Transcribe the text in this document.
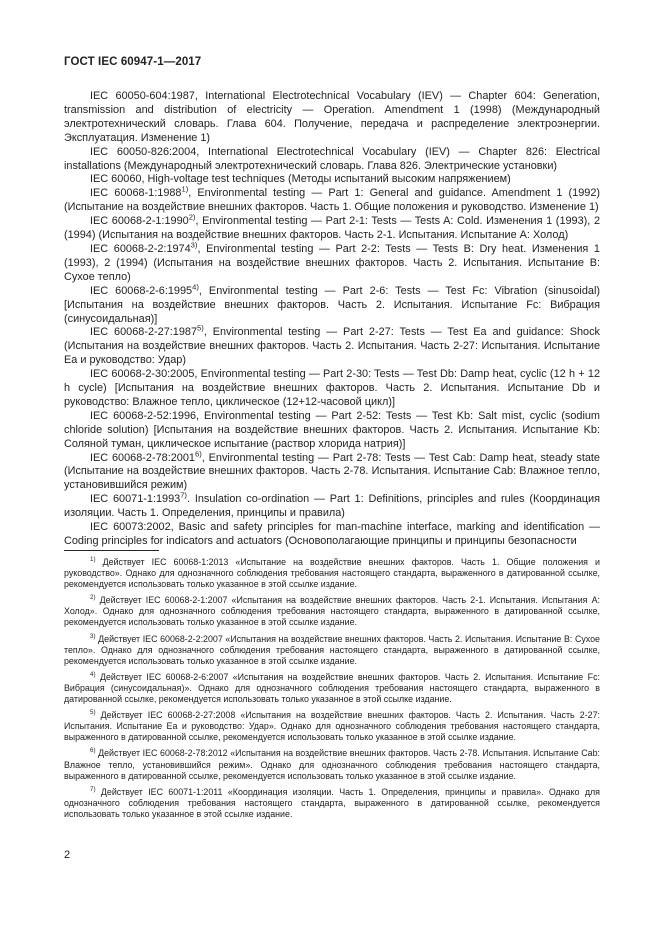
ГОСТ IEC 60947-1—2017

IEC 60050-604:1987, International Electrotechnical Vocabulary (IEV) — Chapter 604: Generation, transmission and distribution of electricity — Operation. Amendment 1 (1998) (Международный электротехнический словарь. Глава 604. Получение, передача и распределение электроэнергии. Эксплуатация. Изменение 1)

IEC 60050-826:2004, International Electrotechnical Vocabulary (IEV) — Chapter 826: Electrical installations (Международный электротехнический словарь. Глава 826. Электрические установки)

IEC 60060, High-voltage test techniques (Методы испытаний высоким напряжением)

IEC 60068-1:1988$^{1)}$, Environmental testing — Part 1: General and guidance. Amendment 1 (1992) (Испытание на воздействие внешних факторов. Часть 1. Общие положения и руководство. Изменение 1)

IEC 60068-2-1:1990$^{2)}$, Environmental testing — Part 2-1: Tests — Tests A: Cold. Изменения 1 (1993), 2 (1994) (Испытания на воздействие внешних факторов. Часть 2-1. Испытания. Испытание А: Холод)

IEC 60068-2-2:1974$^{3)}$, Environmental testing — Part 2-2: Tests — Tests B: Dry heat. Изменения 1 (1993), 2 (1994) (Испытания на воздействие внешних факторов. Часть 2. Испытания. Испытание В: Сухое тепло)

IEC 60068-2-6:1995$^{4)}$, Environmental testing — Part 2-6: Tests — Test Fc: Vibration (sinusoidal) [Испытания на воздействие внешних факторов. Часть 2. Испытания. Испытание Fc: Вибрация (синусоидальная)]

IEC 60068-2-27:1987$^{5)}$, Environmental testing — Part 2-27: Tests — Test Ea and guidance: Shock (Испытания на воздействие внешних факторов. Часть 2. Испытания. Часть 2-27: Испытания. Испытание Еа и руководство: Удар)

IEC 60068-2-30:2005, Environmental testing — Part 2-30: Tests — Test Db: Damp heat, cyclic (12 h + 12 h cycle) [Испытания на воздействие внешних факторов. Часть 2. Испытания. Испытание Db и руководство: Влажное тепло, циклическое (12+12-часовой цикл)]

IEC 60068-2-52:1996, Environmental testing — Part 2-52: Tests — Test Kb: Salt mist, cyclic (sodium chloride solution) [Испытания на воздействие внешних факторов. Часть 2. Испытания. Испытание Kb: Соляной туман, циклическое испытание (раствор хлорида натрия)]

IEC 60068-2-78:2001$^{6)}$, Environmental testing — Part 2-78: Tests — Test Cab: Damp heat, steady state (Испытание на воздействие внешних факторов. Часть 2-78. Испытания. Испытание Cab: Влажное тепло, установившийся режим)

IEC 60071-1:1993$^{7)}$. Insulation co-ordination — Part 1: Definitions, principles and rules (Координация изоляции. Часть 1. Определения, принципы и правила)

IEC 60073:2002, Basic and safety principles for man-machine interface, marking and identification — Coding principles for indicators and actuators (Основополагающие принципы и принципы безопасности

$^{1)}$ Действует IEC 60068-1:2013 «Испытание на воздействие внешних факторов. Часть 1. Общие положения и руководство». Однако для однозначного соблюдения требования настоящего стандарта, выраженного в датированной ссылке, рекомендуется использовать только указанное в этой ссылке издание.

$^{2)}$ Действует IEC 60068-2-1:2007 «Испытания на воздействие внешних факторов. Часть 2-1. Испытания. Испытания А: Холод». Однако для однозначного соблюдения требования настоящего стандарта, выраженного в датированной ссылке, рекомендуется использовать только указанное в этой ссылке издание.

$^{3)}$ Действует IEC 60068-2-2:2007 «Испытания на воздействие внешних факторов. Часть 2. Испытания. Испытание В: Сухое тепло». Однако для однозначного соблюдения требования настоящего стандарта, выраженного в датированной ссылке, рекомендуется использовать только указанное в этой ссылке издание.

$^{4)}$ Действует IEC 60068-2-6:2007 «Испытания на воздействие внешних факторов. Часть 2. Испытания. Испытание Fc: Вибрация (синусоидальная)». Однако для однозначного соблюдения требования настоящего стандарта, выраженного в датированной ссылке, рекомендуется использовать только указанное в этой ссылке издание.

$^{5)}$ Действует IEC 60068-2-27:2008 «Испытания на воздействие внешних факторов. Часть 2. Испытания. Часть 2-27: Испытания. Испытание Еа и руководство: Удар». Однако для однозначного соблюдения требования настоящего стандарта, выраженного в датированной ссылке, рекомендуется использовать только указанное в этой ссылке издание.

$^{6)}$ Действует IEC 60068-2-78:2012 «Испытания на воздействие внешних факторов. Часть 2-78. Испытания. Испытание Cab: Влажное тепло, установившийся режим». Однако для однозначного соблюдения требования настоящего стандарта, выраженного в датированной ссылке, рекомендуется использовать только указанное в этой ссылке издание.

$^{7)}$ Действует IEC 60071-1:2011 «Координация изоляции. Часть 1. Определения, принципы и правила». Однако для однозначного соблюдения требования настоящего стандарта, выраженного в датированной ссылке, рекомендуется использовать только указанное в этой ссылке издание.

2
